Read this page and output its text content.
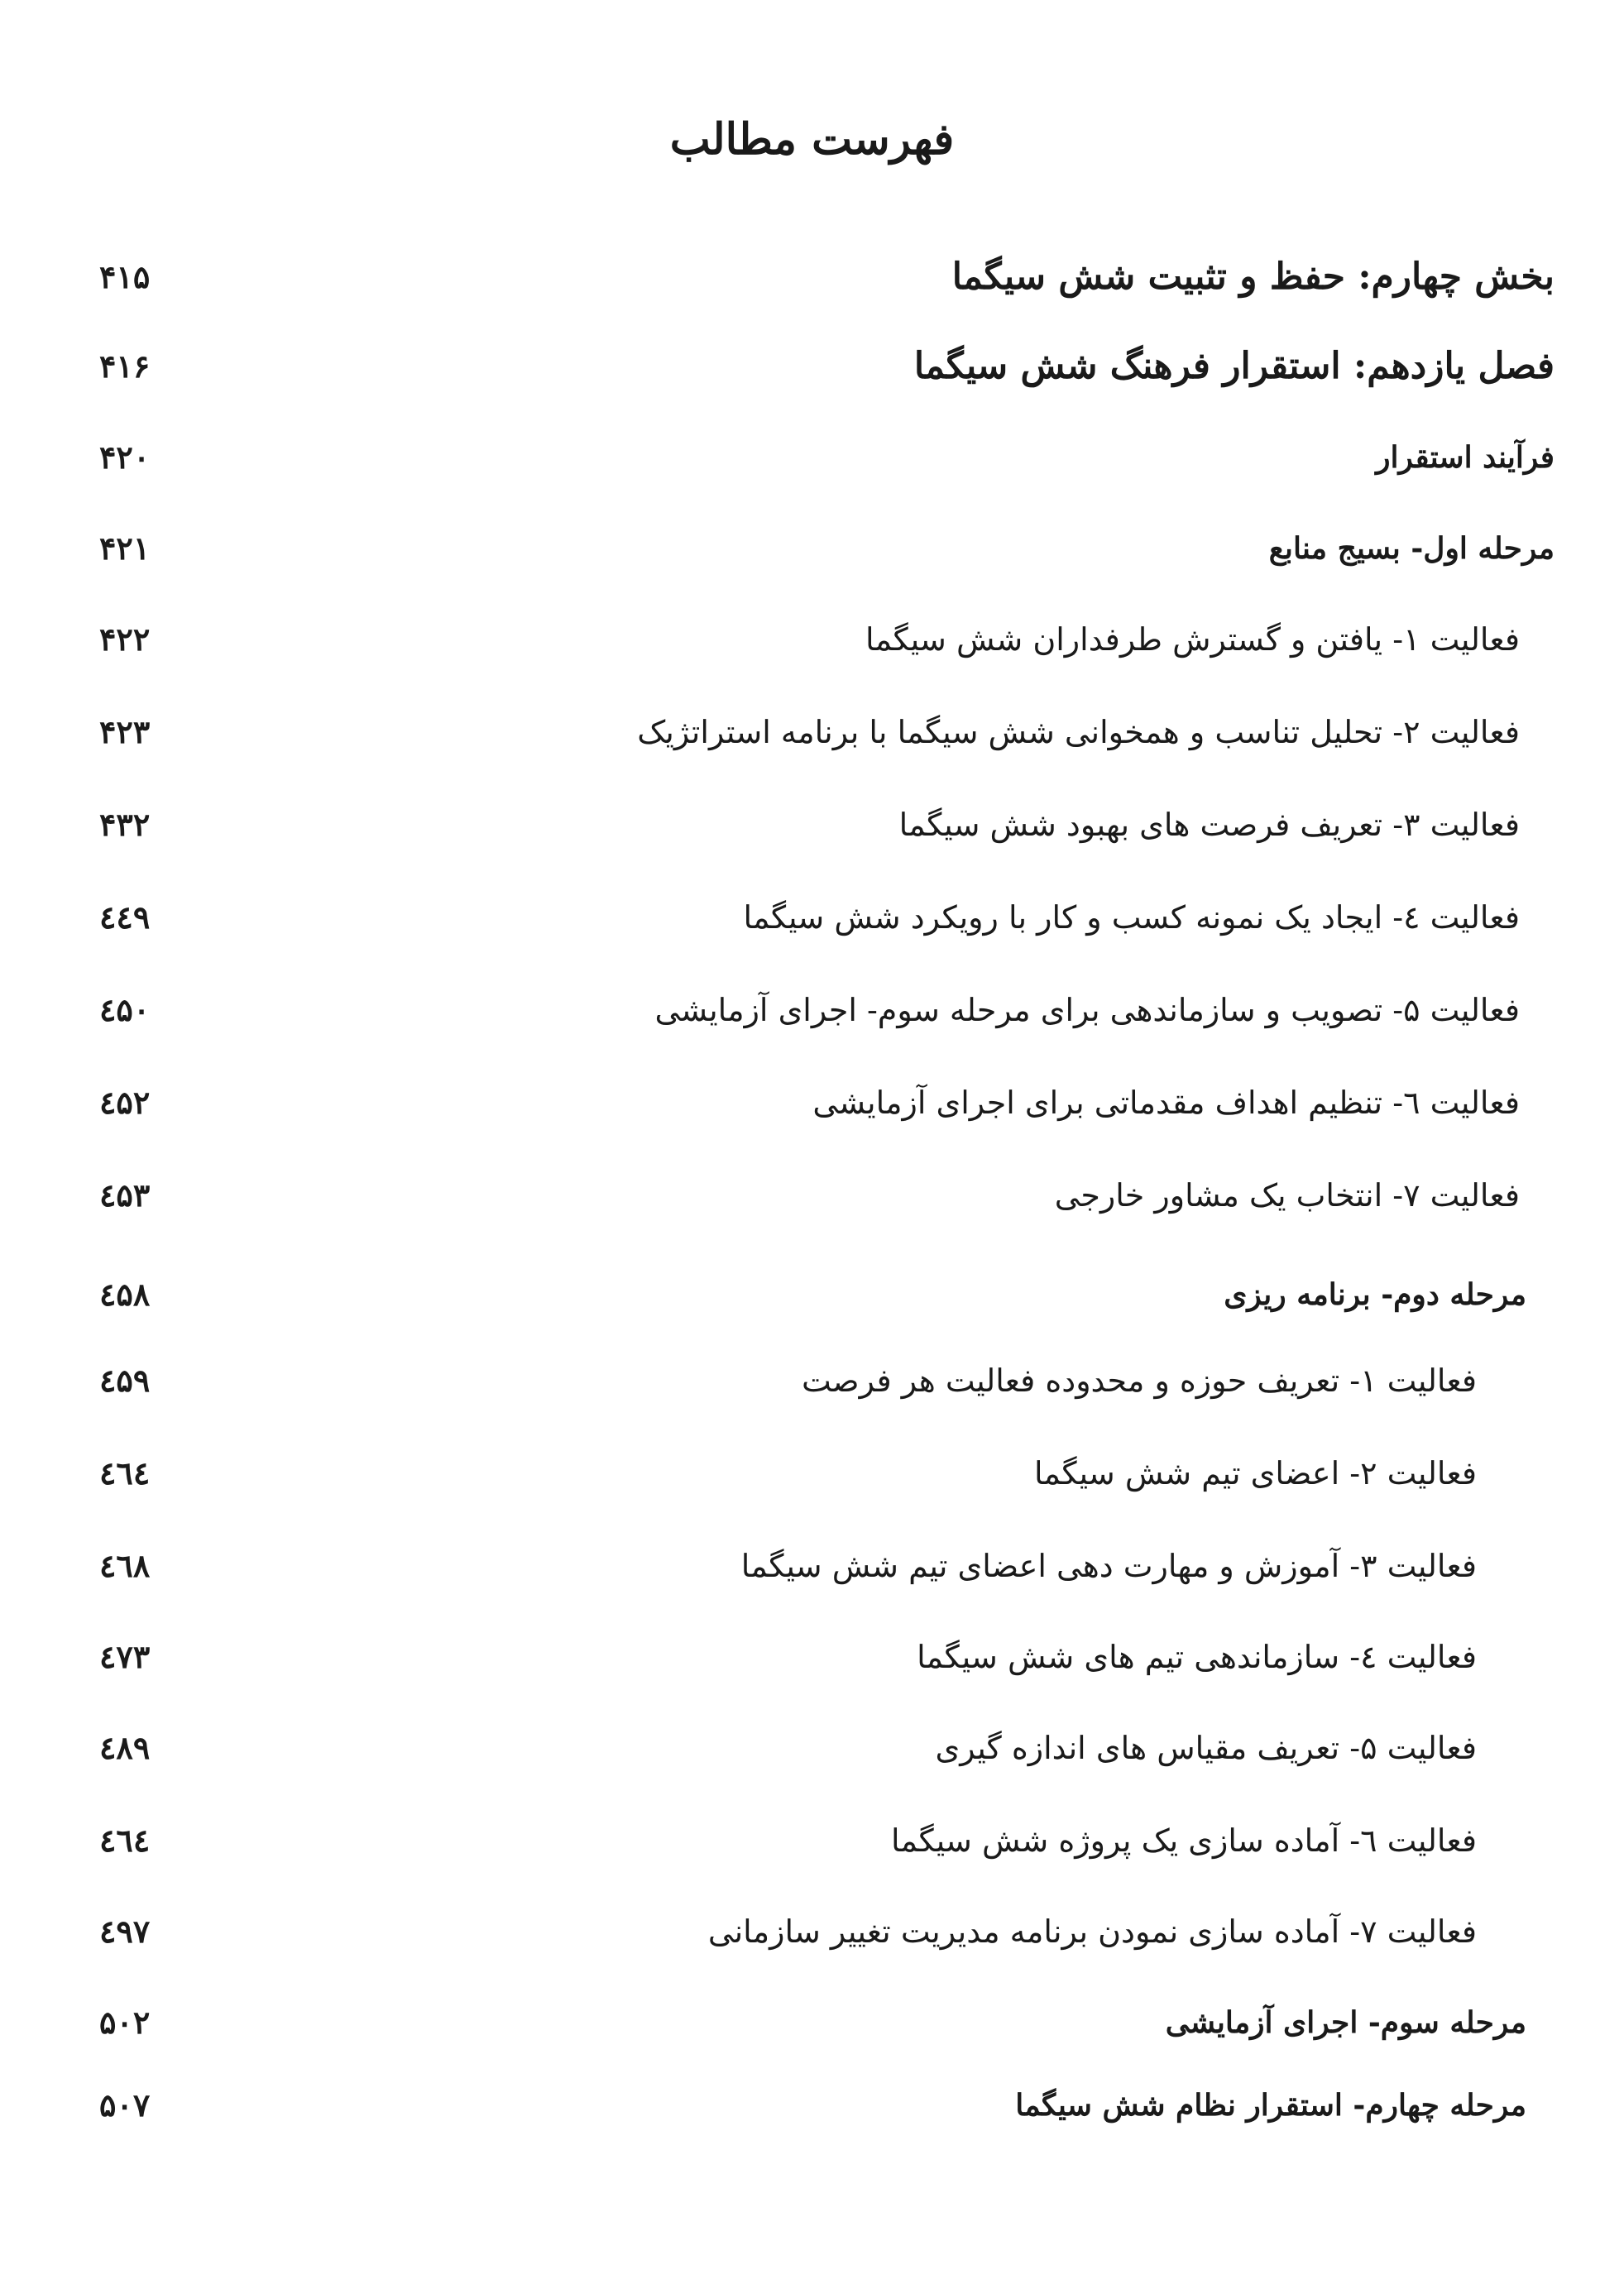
فهرست مطالب
بخش چهارم: حفظ و تثبیت شش سیگما
۴۱۵
فصل یازدهم: استقرار فرهنگ شش سیگما
۴۱۶
فرآیند استقرار
۴۲۰
مرحله اول- بسیج منابع
۴۲۱
فعالیت ۱- یافتن و گسترش طرفداران شش سیگما
۴۲۲
فعالیت ۲- تحلیل تناسب و همخوانی شش سیگما با برنامه استراتژیک
۴۲۳
فعالیت ۳- تعریف فرصت های بهبود شش سیگما
۴۳۲
فعالیت ٤- ایجاد یک نمونه کسب و کار با رویکرد شش سیگما
٤٤٩
فعالیت ۵- تصویب و سازماندهی برای مرحله سوم- اجرای آزمایشی
٤۵۰
فعالیت ٦- تنظیم اهداف مقدماتی برای اجرای آزمایشی
٤۵۲
فعالیت ۷- انتخاب یک مشاور خارجی
٤۵۳
مرحله دوم- برنامه ریزی
٤۵۸
فعالیت ۱- تعریف حوزه و محدوده فعالیت هر فرصت
٤۵۹
فعالیت ۲- اعضای تیم شش سیگما
٤٦٤
فعالیت ۳- آموزش و مهارت دهی اعضای تیم شش سیگما
٤٦۸
فعالیت ٤- سازماندهی تیم های شش سیگما
٤۷۳
فعالیت ۵- تعریف مقیاس های اندازه گیری
٤۸۹
فعالیت ٦- آماده سازی یک پروژه شش سیگما
٤٦٤
فعالیت ۷- آماده سازی نمودن برنامه مدیریت تغییر سازمانی
٤۹۷
مرحله سوم- اجرای آزمایشی
۵۰۲
مرحله چهارم- استقرار نظام شش سیگما
۵۰۷
